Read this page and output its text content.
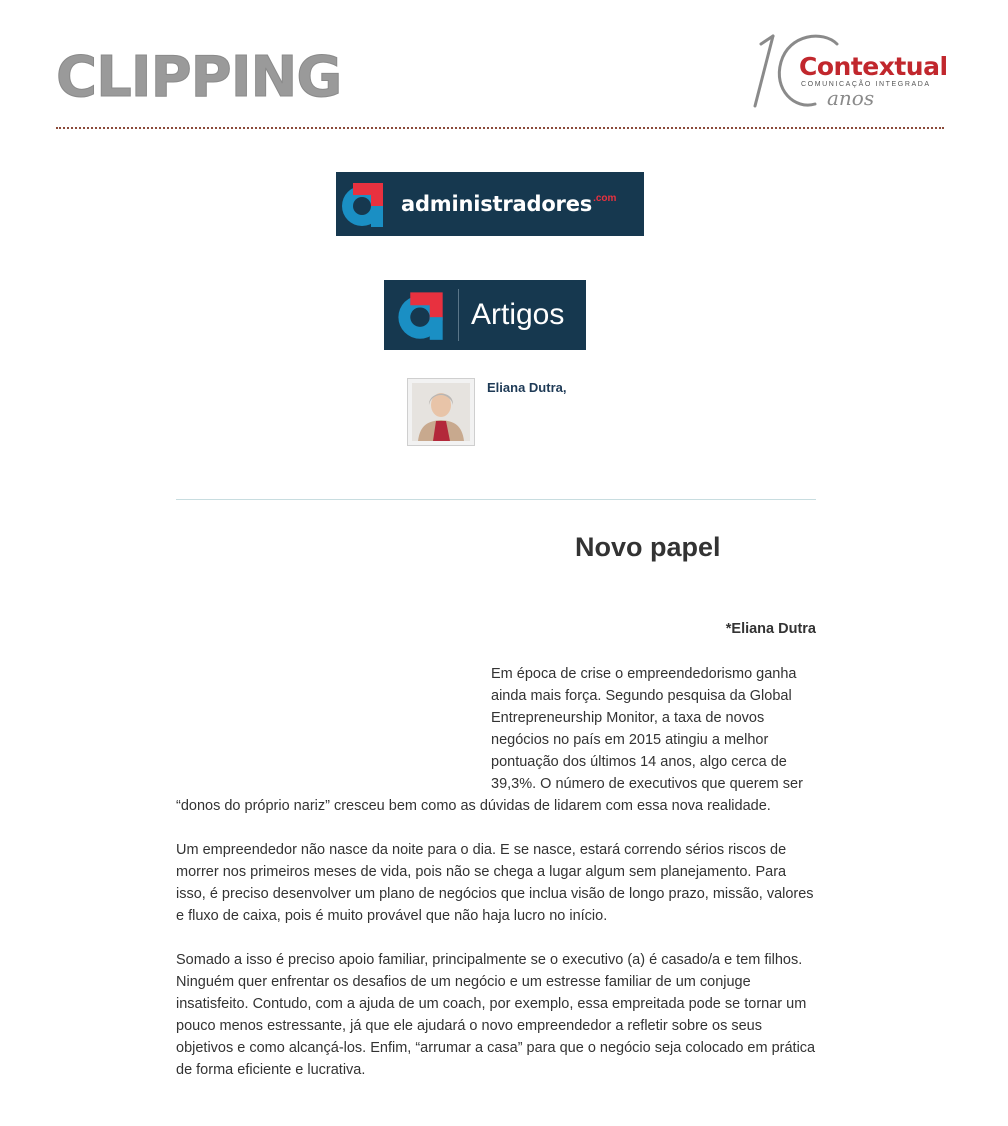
CLIPPING	Contextual
COMUNICAÇÃO INTEGRADA
anos
administradores .com
Artigos
Eliana Dutra,
Novo papel
*Eliana Dutra

Em época de crise o empreendedorismo ganha ainda mais força. Segundo pesquisa da Global Entrepreneurship Monitor, a taxa de novos negócios no país em 2015 atingiu a melhor pontuação dos últimos 14 anos, algo cerca de 39,3%. O número de executivos que querem ser “donos do próprio nariz” cresceu bem como as dúvidas de lidarem com essa nova realidade.

Um empreendedor não nasce da noite para o dia. E se nasce, estará correndo sérios riscos de morrer nos primeiros meses de vida, pois não se chega a lugar algum sem planejamento. Para isso, é preciso desenvolver um plano de negócios que inclua visão de longo prazo, missão, valores e fluxo de caixa, pois é muito provável que não haja lucro no início.

Somado a isso é preciso apoio familiar, principalmente se o executivo (a) é casado/a e tem filhos. Ninguém quer enfrentar os desafios de um negócio e um estresse familiar de um conjuge insatisfeito. Contudo, com a ajuda de um coach, por exemplo, essa empreitada pode se tornar um pouco menos estressante, já que ele ajudará o novo empreendedor a refletir sobre os seus objetivos e como alcançá-los. Enfim, “arrumar a casa” para que o negócio seja colocado em prática de forma eficiente e lucrativa.
